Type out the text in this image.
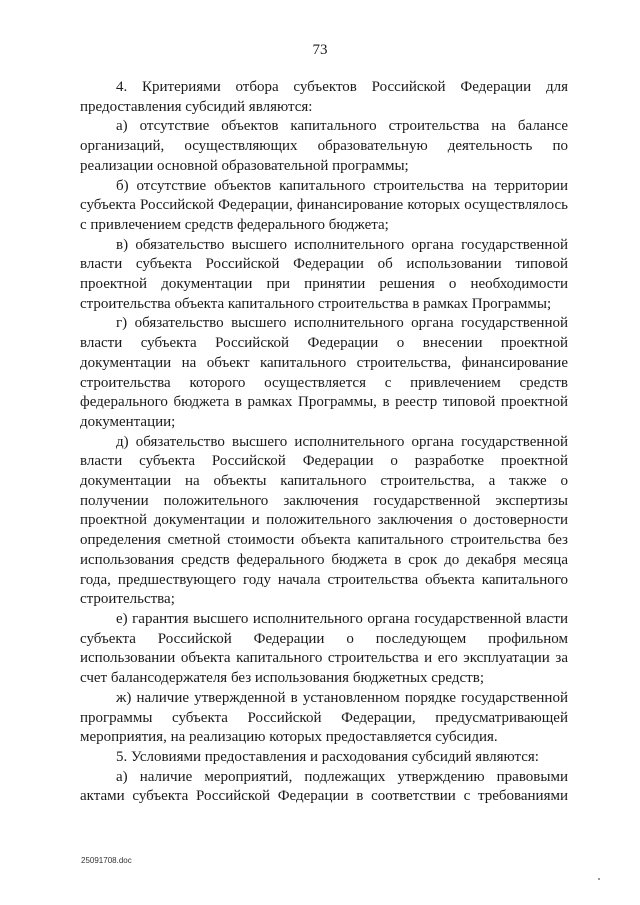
73

4. Критериями отбора субъектов Российской Федерации для предоставления субсидий являются:

а) отсутствие объектов капитального строительства на балансе организаций, осуществляющих образовательную деятельность по реализации основной образовательной программы;

б) отсутствие объектов капитального строительства на территории субъекта Российской Федерации, финансирование которых осуществлялось с привлечением средств федерального бюджета;

в) обязательство высшего исполнительного органа государственной власти субъекта Российской Федерации об использовании типовой проектной документации при принятии решения о необходимости строительства объекта капитального строительства в рамках Программы;

г) обязательство высшего исполнительного органа государственной власти субъекта Российской Федерации о внесении проектной документации на объект капитального строительства, финансирование строительства которого осуществляется с привлечением средств федерального бюджета в рамках Программы, в реестр типовой проектной документации;

д) обязательство высшего исполнительного органа государственной власти субъекта Российской Федерации о разработке проектной документации на объекты капитального строительства, а также о получении положительного заключения государственной экспертизы проектной документации и положительного заключения о достоверности определения сметной стоимости объекта капитального строительства без использования средств федерального бюджета в срок до декабря месяца года, предшествующего году начала строительства объекта капитального строительства;

е) гарантия высшего исполнительного органа государственной власти субъекта Российской Федерации о последующем профильном использовании объекта капитального строительства и его эксплуатации за счет балансодержателя без использования бюджетных средств;

ж) наличие утвержденной в установленном порядке государственной программы субъекта Российской Федерации, предусматривающей мероприятия, на реализацию которых предоставляется субсидия.

5. Условиями предоставления и расходования субсидий являются:

а) наличие мероприятий, подлежащих утверждению правовыми актами субъекта Российской Федерации в соответствии с требованиями

25091708.doc
